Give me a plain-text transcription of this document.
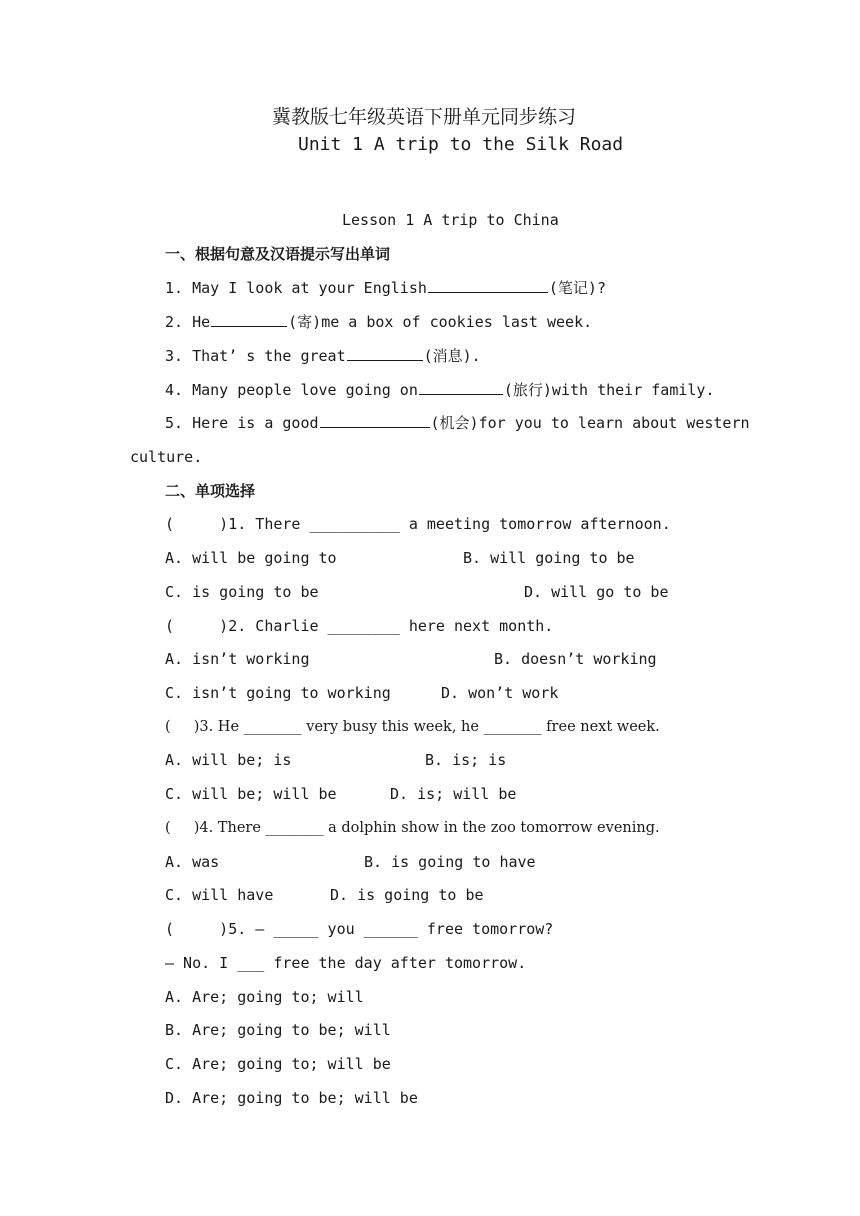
冀教版七年级英语下册单元同步练习
Unit 1 A trip to the Silk Road
Lesson 1 A trip to China
一、根据句意及汉语提示写出单词
1. May I look at your English	(笔记)?
2. He	(寄)me a box of cookies last week.
3. That’ s the great	(消息).
4. Many people love going on	(旅行)with their family.
5. Here is a good	(机会)for you to learn about western
culture.
二、单项选择
(     )1. There __________ a meeting tomorrow afternoon.
A. will be going to	B. will going to be
C. is going to be	D. will go to be
(     )2. Charlie ________ here next month.
A. isn’t working	B. doesn’t working
C. isn’t going to working	D. won’t work
(     )3. He ________ very busy this week, he ________ free next week.
A. will be; is	B. is; is
C. will be; will be	D. is; will be
(     )4. There ________ a dolphin show in the zoo tomorrow evening.
A. was	B. is going to have
C. will have	D. is going to be
(     )5. — _____ you ______ free tomorrow?
— No. I ___ free the day after tomorrow.
A. Are; going to; will
B. Are; going to be; will
C. Are; going to; will be
D. Are; going to be; will be
